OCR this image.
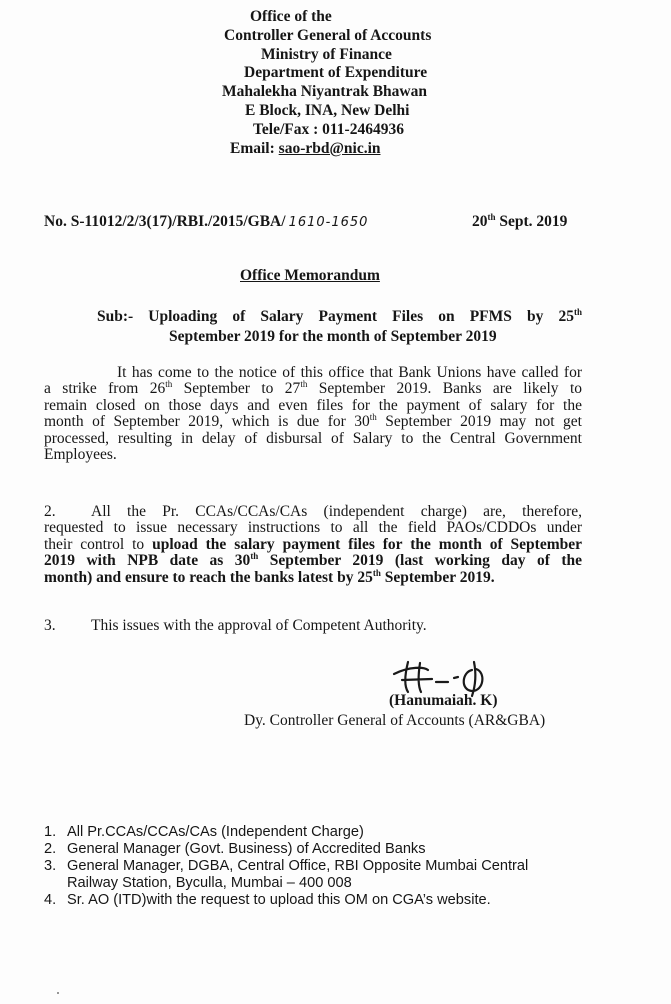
Office of the
Controller General of Accounts
Ministry of Finance
Department of Expenditure
Mahalekha Niyantrak Bhawan
E Block, INA, New Delhi
Tele/Fax : 011-2464936
Email: sao-rbd@nic.in
No. S-11012/2/3(17)/RBI./2015/GBA/ 1610-1650	20th Sept. 2019
Office Memorandum
Sub:- Uploading of Salary Payment Files on PFMS by 25th
September 2019 for the month of September 2019
It has come to the notice of this office that Bank Unions have called for
a strike from 26th September to 27th September 2019. Banks are likely to
remain closed on those days and even files for the payment of salary for the
month of September 2019, which is due for 30th September 2019 may not get
processed, resulting in delay of disbursal of Salary to the Central Government
Employees.
2. All the Pr. CCAs/CCAs/CAs (independent charge) are, therefore,
requested to issue necessary instructions to all the field PAOs/CDDOs under
their control to upload the salary payment files for the month of September
2019 with NPB date as 30th September 2019 (last working day of the
month) and ensure to reach the banks latest by 25th September 2019.
3. This issues with the approval of Competent Authority.
(Hanumaiah. K)
Dy. Controller General of Accounts (AR&GBA)
1. All Pr.CCAs/CCAs/CAs (Independent Charge)
2. General Manager (Govt. Business) of Accredited Banks
3. General Manager, DGBA, Central Office, RBI Opposite Mumbai Central
Railway Station, Byculla, Mumbai – 400 008
4. Sr. AO (ITD)with the request to upload this OM on CGA’s website.
